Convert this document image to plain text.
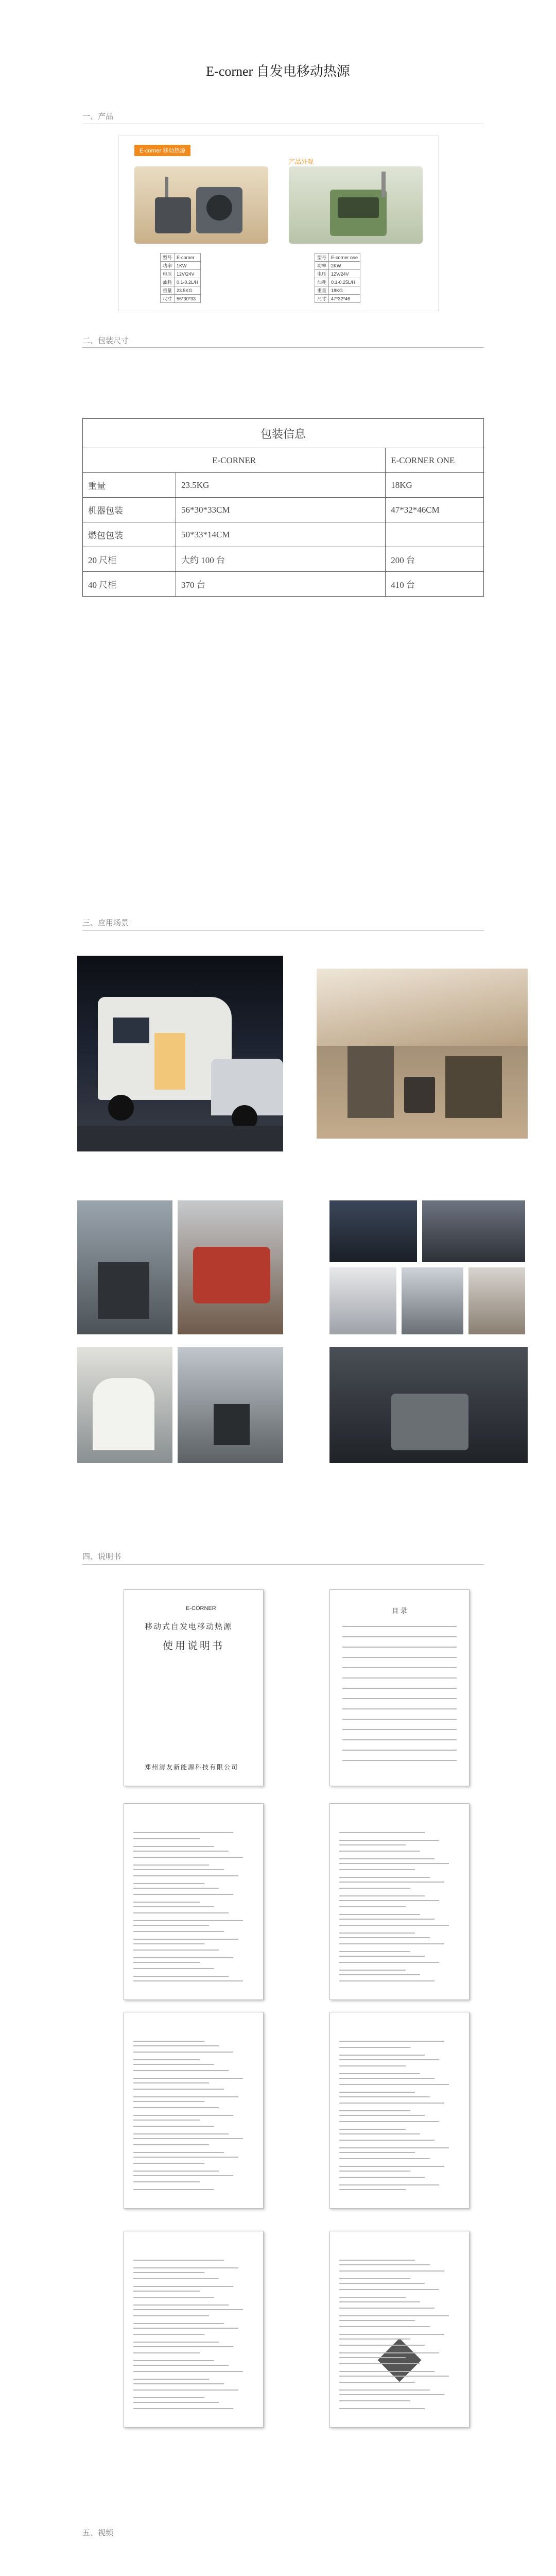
E-corner 自发电移动热源
一、产品
E-corner 移动热源
产品外观
型号	E-corner
功率	1KW
电压	12V/24V
油耗	0.1-0.2L/H
重量	23.5KG
尺寸	56*30*33
型号	E-corner one
功率	2KW
电压	12V/24V
油耗	0.1-0.25L/H
重量	18KG
尺寸	47*32*46
二、包装尺寸
包装信息		
E-CORNER		E-CORNER ONE
重量	23.5KG	18KG
机器包装	56*30*33CM	47*32*46CM
燃包包装	50*33*14CM	
20 尺柜	大约 100 台	200 台
40 尺柜	370 台	410 台
三、应用场景
四、说明书
E-CORNER
移动式自发电移动热源
使用说明书
郑州清友新能源科技有限公司
目 录
五、视频
